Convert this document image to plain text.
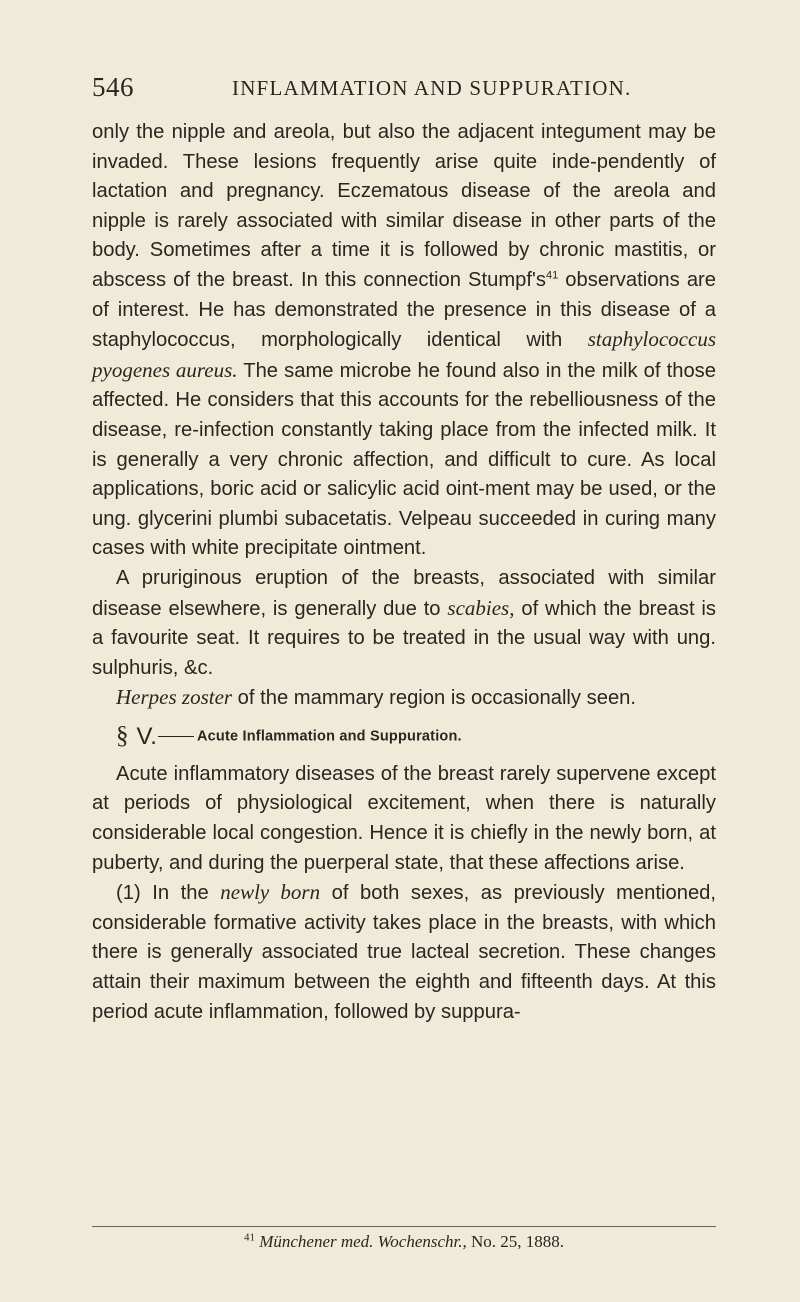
546	INFLAMMATION AND SUPPURATION.

only the nipple and areola, but also the adjacent integument may be invaded. These lesions frequently arise quite inde-pendently of lactation and pregnancy. Eczematous disease of the areola and nipple is rarely associated with similar disease in other parts of the body. Sometimes after a time it is followed by chronic mastitis, or abscess of the breast. In this connection $Stumpf's^{41}$ observations are of interest. He has demonstrated the presence in this disease of a staphylococcus, morphologically identical with staphylococcus pyogenes aureus. The same microbe he found also in the milk of those affected. He considers that this accounts for the rebelliousness of the disease, re-infection constantly taking place from the infected milk. It is generally a very chronic affection, and difficult to cure. As local applications, boric acid or salicylic acid oint-ment may be used, or the ung. glycerini plumbi subacetatis. Velpeau succeeded in curing many cases with white precipitate ointment.

A pruriginous eruption of the breasts, associated with similar disease elsewhere, is generally due to scabies, of which the breast is a favourite seat. It requires to be treated in the usual way with ung. sulphuris, &c.

Herpes zoster of the mammary region is occasionally seen.

§ V.	Acute Inflammation and Suppuration.

Acute inflammatory diseases of the breast rarely supervene except at periods of physiological excitement, when there is naturally considerable local congestion. Hence it is chiefly in the newly born, at puberty, and during the puerperal state, that these affections arise.

(1) In the newly born of both sexes, as previously mentioned, considerable formative activity takes place in the breasts, with which there is generally associated true lacteal secretion. These changes attain their maximum between the eighth and fifteenth days. At this period acute inflammation, followed by suppura-

$^{41}$ Münchener med. Wochenschr., No. 25, 1888.
